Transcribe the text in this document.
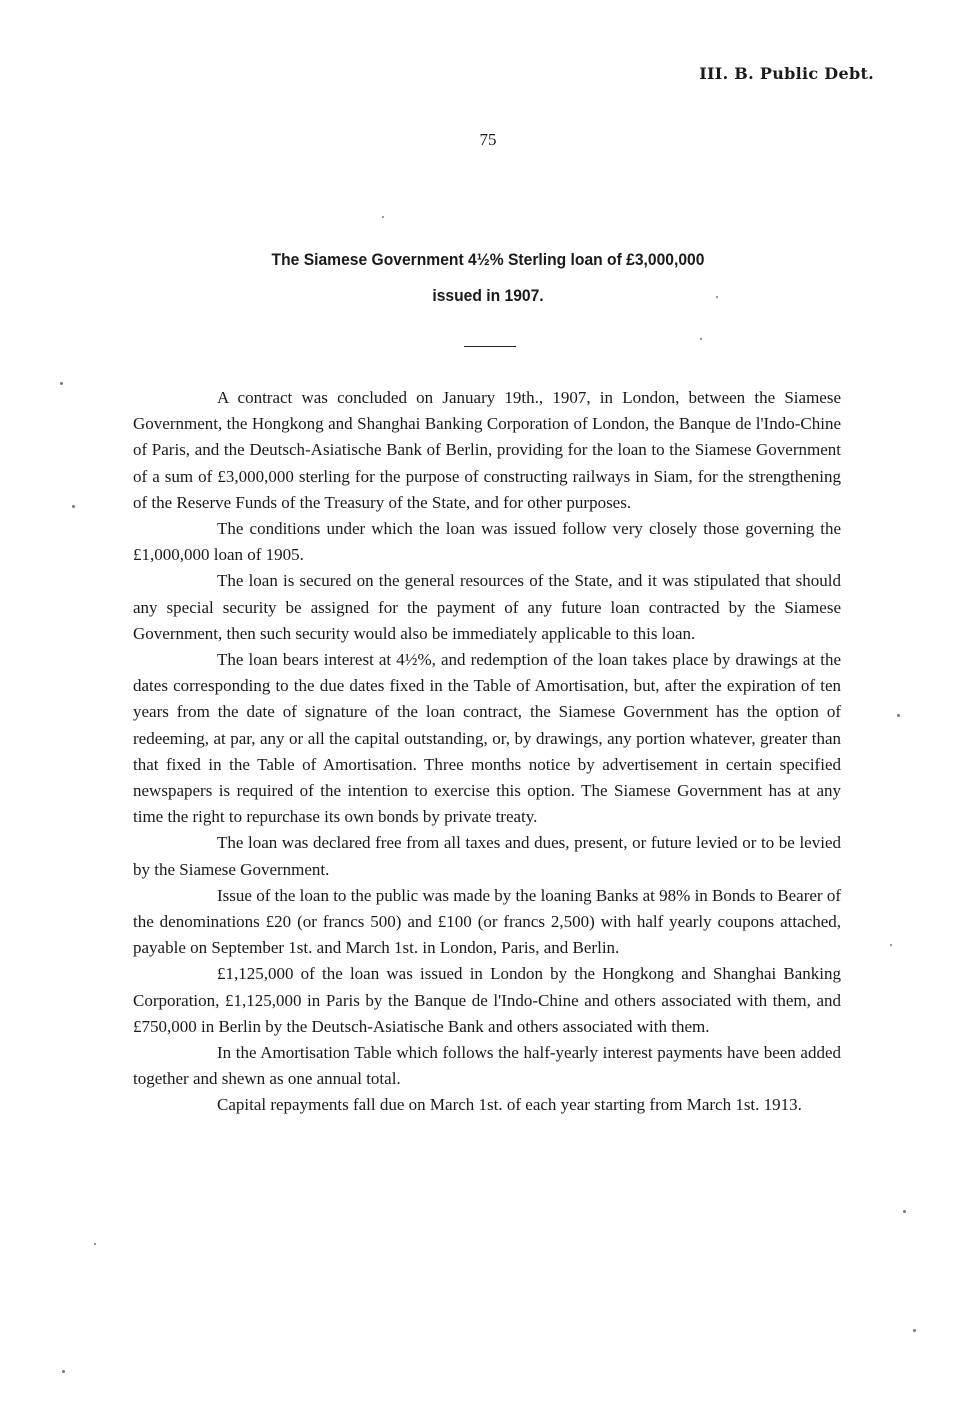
III. B. Public Debt.
75
The Siamese Government 4½% Sterling loan of £3,000,000
issued in 1907.

A contract was concluded on January 19th., 1907, in London, between the Siamese Government, the Hongkong and Shanghai Banking Corporation of London, the Banque de l'Indo-Chine of Paris, and the Deutsch-Asiatische Bank of Berlin, providing for the loan to the Siamese Government of a sum of £3,000,000 sterling for the purpose of constructing railways in Siam, for the strengthening of the Reserve Funds of the Treasury of the State, and for other purposes.

The conditions under which the loan was issued follow very closely those governing the £1,000,000 loan of 1905.

The loan is secured on the general resources of the State, and it was stipulated that should any special security be assigned for the payment of any future loan contracted by the Siamese Government, then such security would also be immediately applicable to this loan.

The loan bears interest at 4½%, and redemption of the loan takes place by drawings at the dates corresponding to the due dates fixed in the Table of Amortisation, but, after the expiration of ten years from the date of signature of the loan contract, the Siamese Government has the option of redeeming, at par, any or all the capital outstanding, or, by drawings, any portion whatever, greater than that fixed in the Table of Amortisation. Three months notice by advertisement in certain specified newspapers is required of the intention to exercise this option. The Siamese Government has at any time the right to repurchase its own bonds by private treaty.

The loan was declared free from all taxes and dues, present, or future levied or to be levied by the Siamese Government.

Issue of the loan to the public was made by the loaning Banks at 98% in Bonds to Bearer of the denominations £20 (or francs 500) and £100 (or francs 2,500) with half yearly coupons attached, payable on September 1st. and March 1st. in London, Paris, and Berlin.

£1,125,000 of the loan was issued in London by the Hongkong and Shanghai Banking Corporation, £1,125,000 in Paris by the Banque de l'Indo-Chine and others associated with them, and £750,000 in Berlin by the Deutsch-Asiatische Bank and others associated with them.

In the Amortisation Table which follows the half-yearly interest payments have been added together and shewn as one annual total.

Capital repayments fall due on March 1st. of each year starting from March 1st. 1913.
